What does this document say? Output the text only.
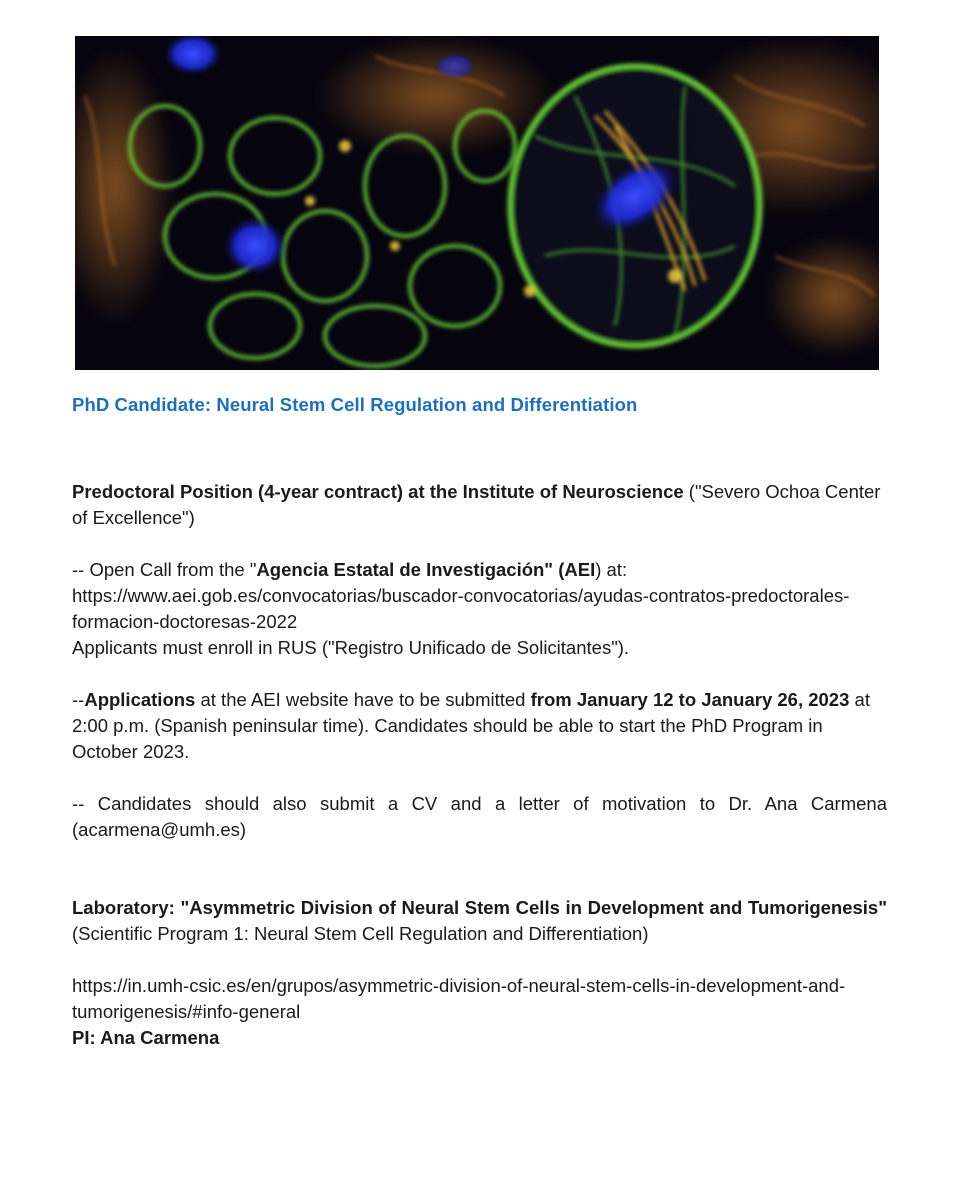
PhD Candidate: Neural Stem Cell Regulation and Differentiation

Predoctoral Position (4-year contract) at the Institute of Neuroscience ("Severo Ochoa Center of Excellence")

-- Open Call from the "Agencia Estatal de Investigación" (AEI) at:
https://www.aei.gob.es/convocatorias/buscador-convocatorias/ayudas-contratos-predoctorales-formacion-doctoresas-2022
Applicants must enroll in RUS ("Registro Unificado de Solicitantes").

--Applications at the AEI website have to be submitted from January 12 to January 26, 2023 at 2:00 p.m. (Spanish peninsular time). Candidates should be able to start the PhD Program in October 2023.

-- Candidates should also submit a CV and a letter of motivation to Dr. Ana Carmena (acarmena@umh.es)

Laboratory: "Asymmetric Division of Neural Stem Cells in Development and Tumorigenesis"(Scientific Program 1: Neural Stem Cell Regulation and Differentiation)

https://in.umh-csic.es/en/grupos/asymmetric-division-of-neural-stem-cells-in-development-and-tumorigenesis/#info-general

PI: Ana Carmena
